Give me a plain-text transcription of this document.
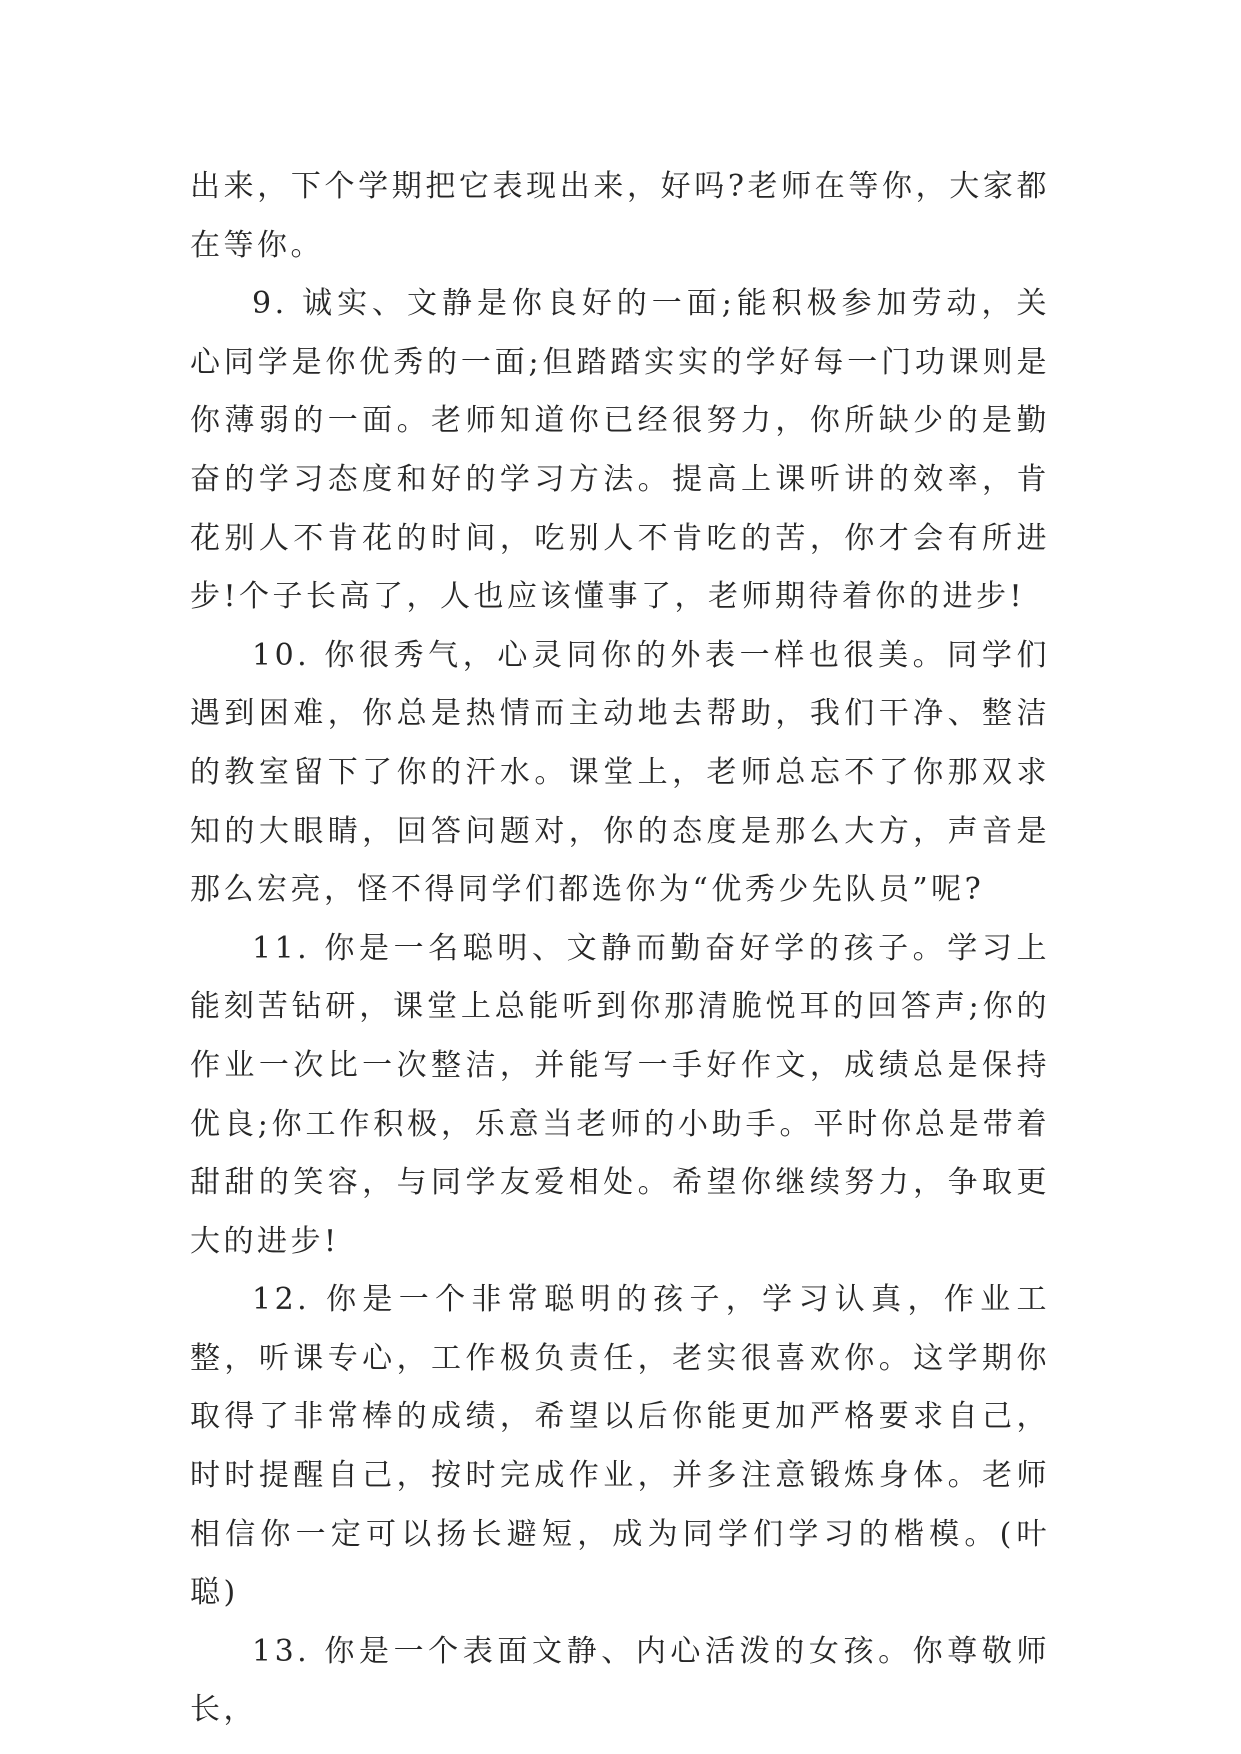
出来，下个学期把它表现出来，好吗?老师在等你，大家都在等你。

9. 诚实、文静是你良好的一面;能积极参加劳动，关心同学是你优秀的一面;但踏踏实实的学好每一门功课则是你薄弱的一面。老师知道你已经很努力，你所缺少的是勤奋的学习态度和好的学习方法。提高上课听讲的效率，肯花别人不肯花的时间，吃别人不肯吃的苦，你才会有所进步!个子长高了，人也应该懂事了，老师期待着你的进步!

10. 你很秀气，心灵同你的外表一样也很美。同学们遇到困难，你总是热情而主动地去帮助，我们干净、整洁的教室留下了你的汗水。课堂上，老师总忘不了你那双求知的大眼睛，回答问题对，你的态度是那么大方，声音是那么宏亮，怪不得同学们都选你为“优秀少先队员”呢?

11. 你是一名聪明、文静而勤奋好学的孩子。学习上能刻苦钻研，课堂上总能听到你那清脆悦耳的回答声;你的作业一次比一次整洁，并能写一手好作文，成绩总是保持优良;你工作积极，乐意当老师的小助手。平时你总是带着甜甜的笑容，与同学友爱相处。希望你继续努力，争取更大的进步!

12. 你是一个非常聪明的孩子，学习认真，作业工整，听课专心，工作极负责任，老实很喜欢你。这学期你取得了非常棒的成绩，希望以后你能更加严格要求自己，时时提醒自己，按时完成作业，并多注意锻炼身体。老师相信你一定可以扬长避短，成为同学们学习的楷模。(叶聪)

13. 你是一个表面文静、内心活泼的女孩。你尊敬师长，
